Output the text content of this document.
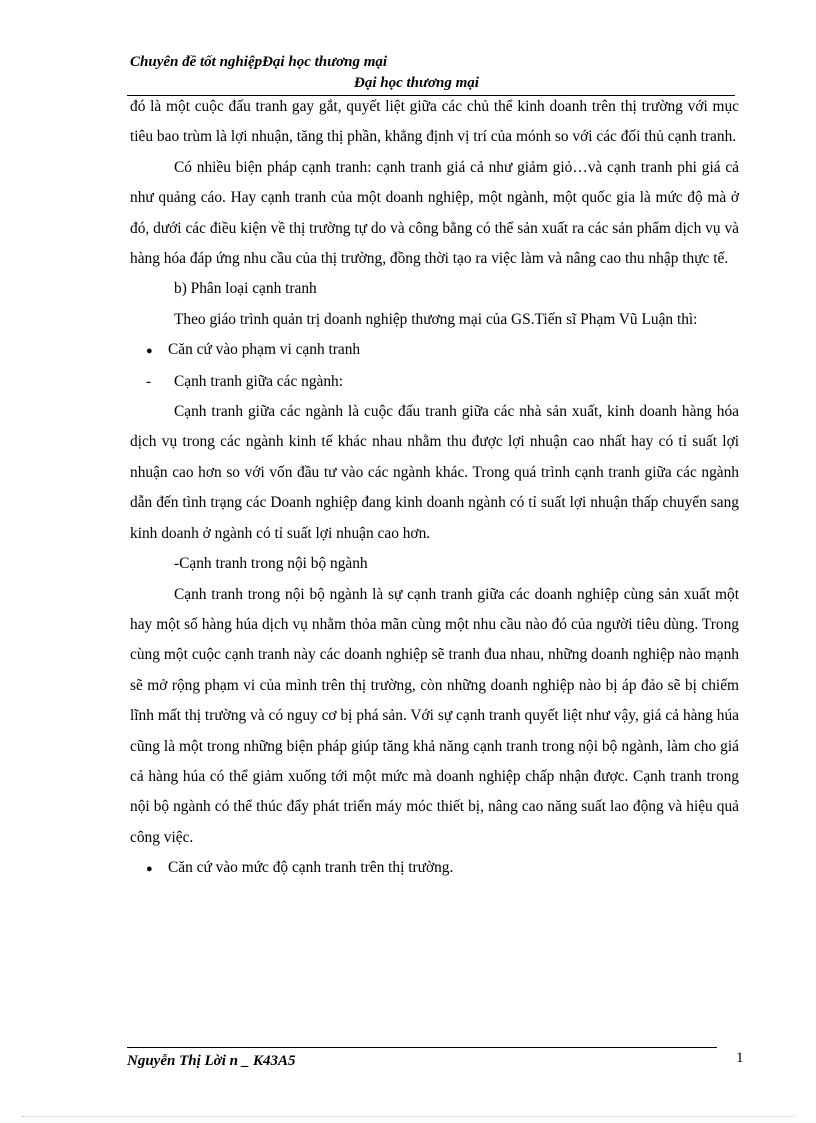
Chuyên đề tốt nghiệpĐại học thương mại
Đại học thương mại

đó là một cuộc đấu tranh gay gắt, quyết liệt giữa các chủ thể kinh doanh trên thị trường với mục tiêu bao trùm là lợi nhuận, tăng thị phần, khẳng định vị trí của mónh so với các đối thủ cạnh tranh.

Có nhiều biện pháp cạnh tranh: cạnh tranh giá cả như giảm giỏ…và cạnh tranh phi giá cả như quảng cáo. Hay cạnh tranh của một doanh nghiệp, một ngành, một quốc gia là mức độ mà ở đó, dưới các điều kiện về thị trường tự do và công bằng có thể sản xuất ra các sản phẩm dịch vụ và hàng hóa đáp ứng nhu cầu của thị trường, đồng thời tạo ra việc làm và nâng cao thu nhập thực tế.

b) Phân loại cạnh tranh

Theo giáo trình quản trị doanh nghiệp thương mại của GS.Tiến sĩ Phạm Vũ Luận thì:

● Căn cứ vào phạm vi cạnh tranh

- Cạnh tranh giữa các ngành:

Cạnh tranh giữa các ngành là cuộc đấu tranh giữa các nhà sản xuất, kinh doanh hàng hóa dịch vụ trong các ngành kinh tế khác nhau nhằm thu được lợi nhuận cao nhất hay có tỉ suất lợi nhuận cao hơn so với vốn đầu tư vào các ngành khác. Trong quá trình cạnh tranh giữa các ngành dẫn đến tình trạng các Doanh nghiệp đang kinh doanh ngành có tỉ suất lợi nhuận thấp chuyển sang kinh doanh ở ngành có tỉ suất lợi nhuận cao hơn.

-Cạnh tranh trong nội bộ ngành

Cạnh tranh trong nội bộ ngành là sự cạnh tranh giữa các doanh nghiệp cùng sản xuất một hay một số hàng húa dịch vụ nhằm thỏa mãn cùng một nhu cầu nào đó của người tiêu dùng. Trong cùng một cuộc cạnh tranh này các doanh nghiệp sẽ tranh đua nhau, những doanh nghiệp nào mạnh sẽ mở rộng phạm vi của mình trên thị trường, còn những doanh nghiệp nào bị áp đảo sẽ bị chiếm lĩnh mất thị trường và có nguy cơ bị phá sản. Với sự cạnh tranh quyết liệt như vậy, giá cả hàng húa cũng là một trong những biện pháp giúp tăng khả năng cạnh tranh trong nội bộ ngành, làm cho giá cả hàng húa có thể giảm xuống tới một mức mà doanh nghiệp chấp nhận được. Cạnh tranh trong nội bộ ngành có thể thúc đẩy phát triển máy móc thiết bị, nâng cao năng suất lao động và hiệu quả công việc.

● Căn cứ vào mức độ cạnh tranh trên thị trường.

Nguyễn Thị Lời n _ K43A5	1
